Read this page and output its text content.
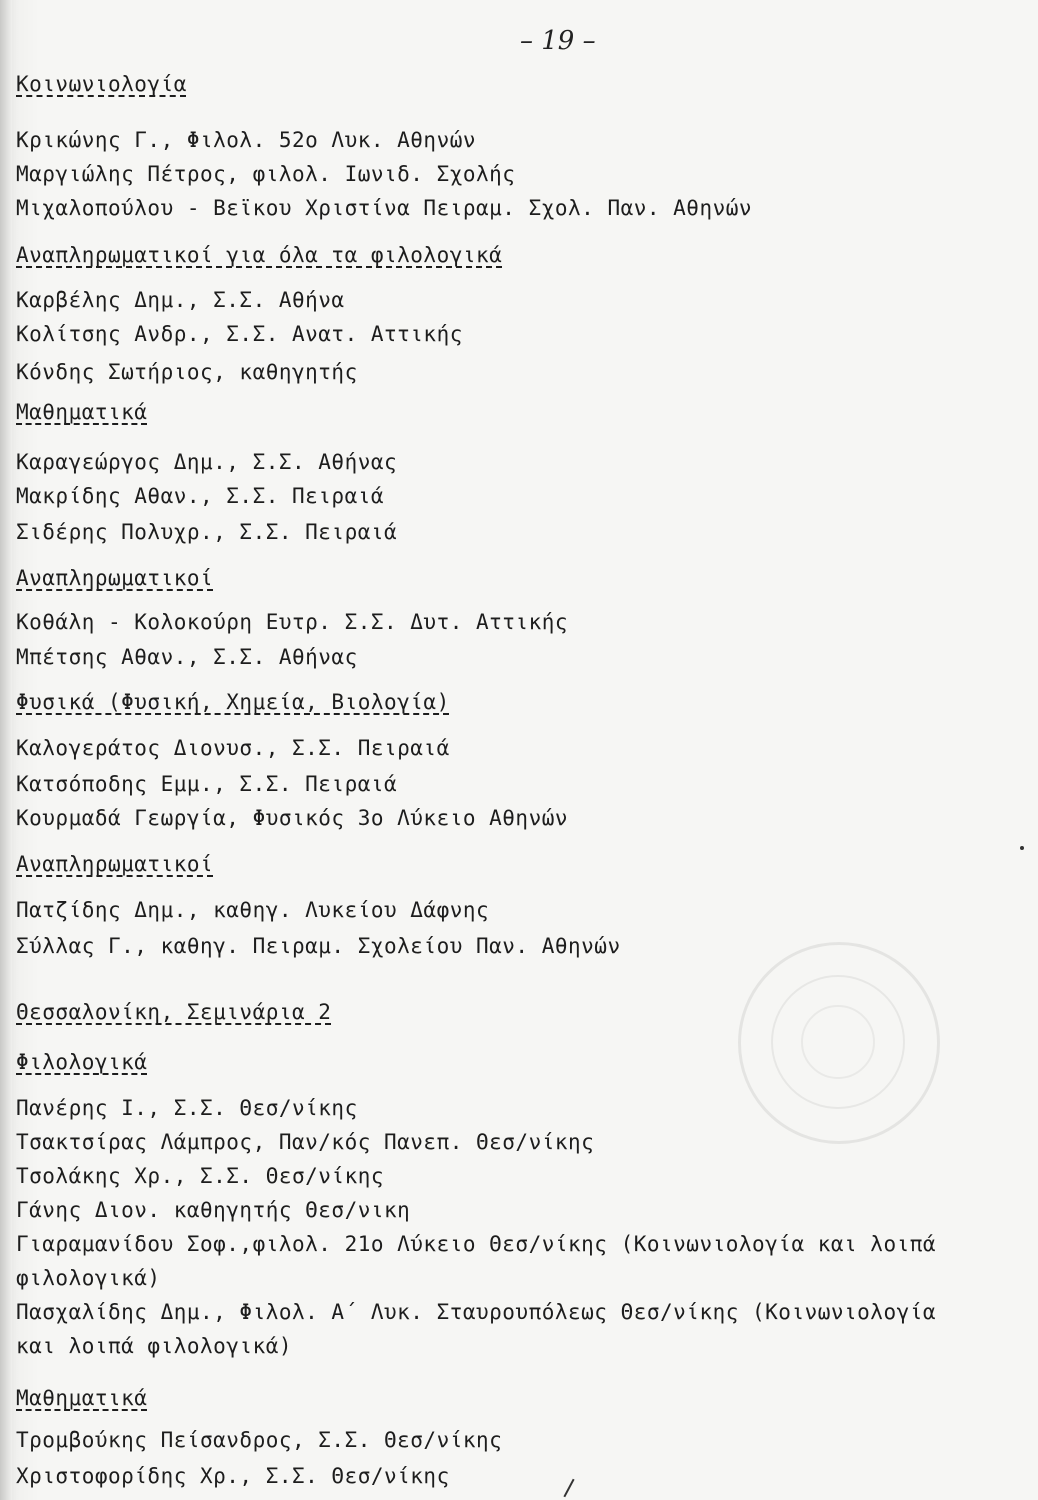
– 19 –
Κοινωνιολογία
Κρικώνης Γ., Φιλολ. 52ο Λυκ. Αθηνών
Μαργιώλης Πέτρος, φιλολ. Ιωνιδ. Σχολής
Μιχαλοπούλου - Βεϊκου Χριστίνα Πειραμ. Σχολ. Παν. Αθηνών
Αναπληρωματικοί για όλα τα φιλολογικά
Καρβέλης Δημ., Σ.Σ. Αθήνα
Κολίτσης Ανδρ., Σ.Σ. Ανατ. Αττικής
Κόνδης Σωτήριος, καθηγητής
Μαθηματικά
Καραγεώργος Δημ., Σ.Σ. Αθήνας
Μακρίδης Αθαν., Σ.Σ. Πειραιά
Σιδέρης Πολυχρ., Σ.Σ. Πειραιά
Αναπληρωματικοί
Κοθάλη - Κολοκούρη Ευτρ. Σ.Σ. Δυτ. Αττικής
Μπέτσης Αθαν., Σ.Σ. Αθήνας
Φυσικά (Φυσική, Χημεία, Βιολογία)
Καλογεράτος Διονυσ., Σ.Σ. Πειραιά
Κατσόποδης Εμμ., Σ.Σ. Πειραιά
Κουρμαδά Γεωργία, Φυσικός 3ο Λύκειο Αθηνών
Αναπληρωματικοί
Πατζίδης Δημ., καθηγ. Λυκείου Δάφνης
Σύλλας Γ., καθηγ. Πειραμ. Σχολείου Παν. Αθηνών
Θεσσαλονίκη, Σεμινάρια 2
Φιλολογικά
Πανέρης Ι., Σ.Σ. Θεσ/νίκης
Τσακτσίρας Λάμπρος, Παν/κός Πανεπ. Θεσ/νίκης
Τσολάκης Χρ., Σ.Σ. Θεσ/νίκης
Γάνης Διον. καθηγητής Θεσ/νικη
Γιαραμανίδου Σοφ.,φιλολ. 21ο Λύκειο Θεσ/νίκης (Κοινωνιολογία και λοιπά
φιλολογικά)
Πασχαλίδης Δημ., Φιλολ. Α΄ Λυκ. Σταυρουπόλεως Θεσ/νίκης (Κοινωνιολογία
και λοιπά φιλολογικά)
Μαθηματικά
Τρομβούκης Πείσανδρος, Σ.Σ. Θεσ/νίκης
Χριστοφορίδης Χρ., Σ.Σ. Θεσ/νίκης
